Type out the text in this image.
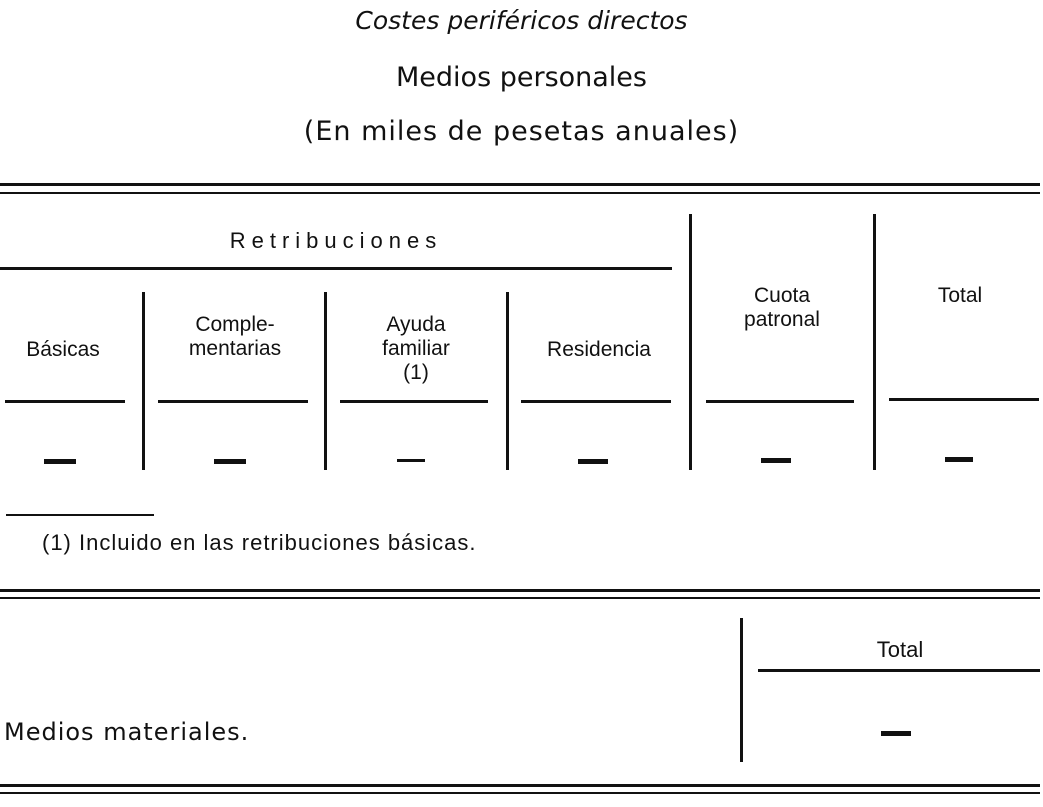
Costes periféricos directos
Medios personales
(En miles de pesetas anuales)
Retribuciones
Básicas
Comple-
mentarias
Ayuda
familiar
(1)
Residencia
Cuota
patronal
Total
(1) Incluido en las retribuciones básicas.
Total
Medios materiales.
